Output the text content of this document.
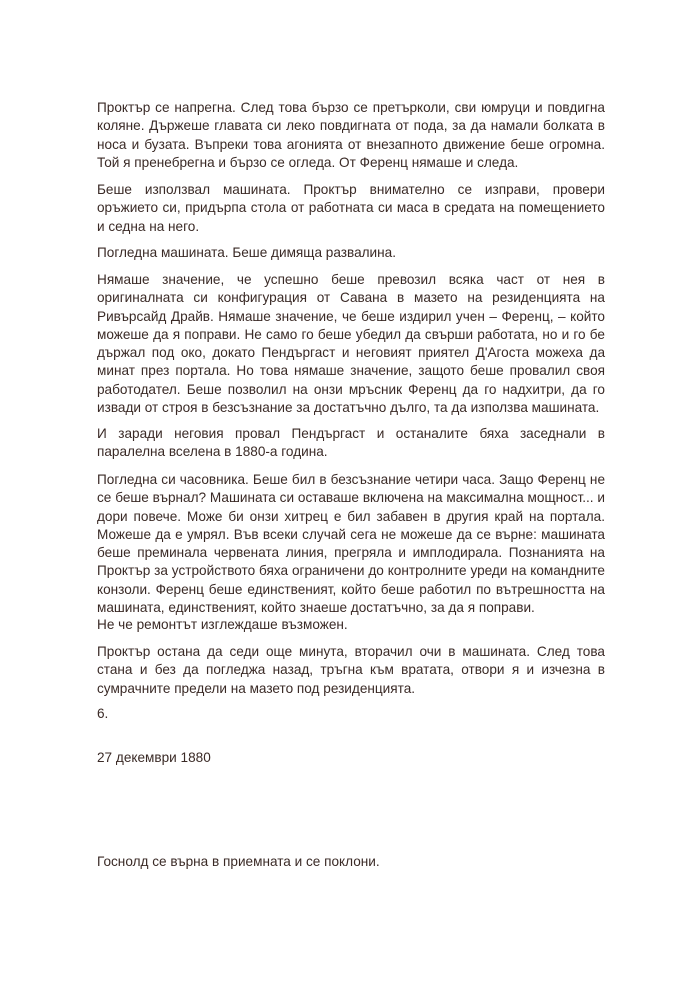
Прoктър се напрегна. След това бързо се претърколи, сви юмруци и повдигна коляне. Държеше главата си леко повдигната от пода, за да намали болката в носа и бузата. Въпреки това агонията от внезапното движение беше огромна. Той я пренебрегна и бързо се огледа. От Ференц нямаше и следа.

Беше използвал машината. Проктър внимателно се изправи, провери оръжието си, придърпа стола от работната си маса в средата на помещението и седна на него.

Погледна машината. Беше димяща развалина.

Нямаше значение, че успешно беше превозил всяка част от нея в оригиналната си конфигурация от Савана в мазето на резиденцията на Ривърсайд Драйв. Нямаше значение, че беше издирил учен – Ференц, – който можеше да я поправи. Не само го беше убедил да свърши работата, но и го бе държал под око, докато Пендъргаст и неговият приятел Д'Агоста можеха да минат през портала. Но това нямаше значение, защото беше провалил своя работодател. Беше позволил на онзи мръсник Ференц да го надхитри, да го извади от строя в безсъзнание за достатъчно дълго, та да използва машината.

И заради неговия провал Пендъргаст и останалите бяха заседнали в паралелна вселена в 1880-а година.

Погледна си часовника. Беше бил в безсъзнание четири часа. Защо Ференц не се беше върнал? Машината си оставаше включена на максимална мощност... и дори повече. Може би онзи хитрец е бил забавен в другия край на портала. Можеше да е умрял. Във всеки случай сега не можеше да се върне: машината беше преминала червената линия, прегряла и имплодирала. Познанията на Проктър за устройството бяха ограничени до контролните уреди на командните конзоли. Ференц беше единственият, който беше работил по вътрешността на машината, единственият, който знаеше достатъчно, за да я поправи.

Не че ремонтът изглеждаше възможен.

Проктър остана да седи още минута, вторачил очи в машината. След това стана и без да погледжа назад, тръгна към вратата, отвори я и изчезна в сумрачните предели на мазето под резиденцията.

6.

27 декември 1880

Госнолд се върна в приемната и се поклони.
